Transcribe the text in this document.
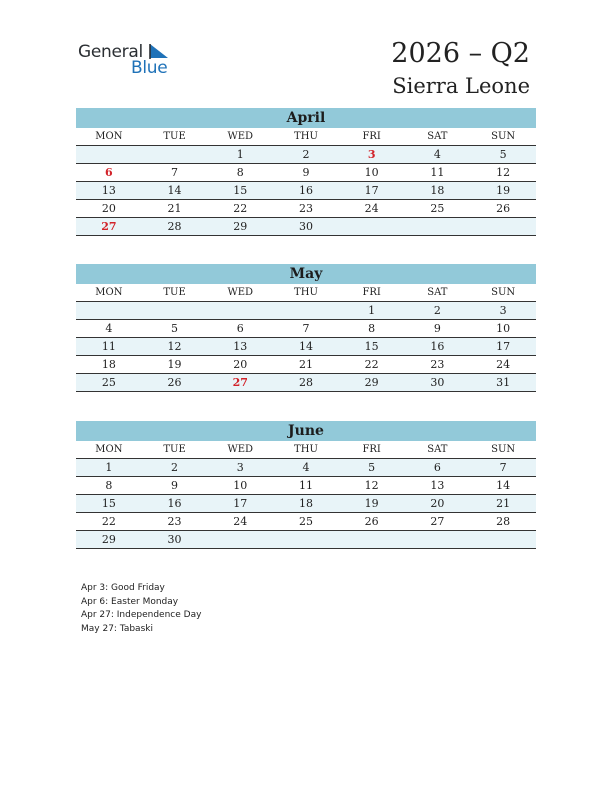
General
Blue	2026 – Q2
Sierra Leone
April
MON	TUE	WED	THU	FRI	SAT	SUN
		1	2	3	4	5
6	7	8	9	10	11	12
13	14	15	16	17	18	19
20	21	22	23	24	25	26
27	28	29	30			
May
MON	TUE	WED	THU	FRI	SAT	SUN
				1	2	3
4	5	6	7	8	9	10
11	12	13	14	15	16	17
18	19	20	21	22	23	24
25	26	27	28	29	30	31
June
MON	TUE	WED	THU	FRI	SAT	SUN
1	2	3	4	5	6	7
8	9	10	11	12	13	14
15	16	17	18	19	20	21
22	23	24	25	26	27	28
29	30					
Apr 3: Good Friday
Apr 6: Easter Monday
Apr 27: Independence Day
May 27: Tabaski
